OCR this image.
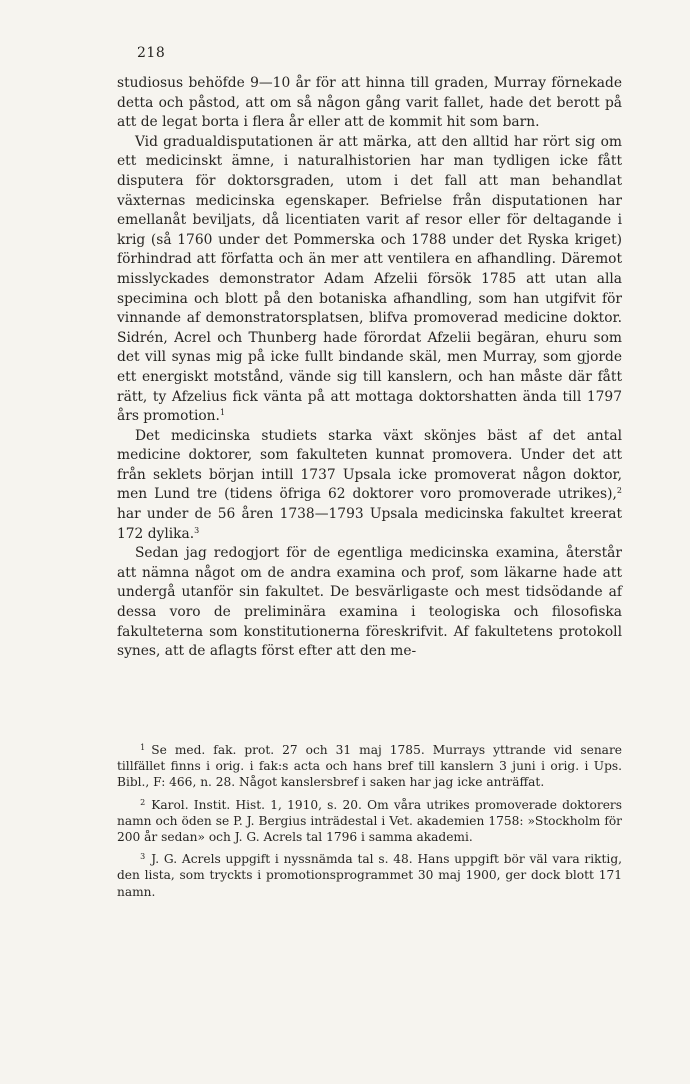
218

studiosus behöfde 9—10 år för att hinna till graden, Murray förnekade detta och påstod, att om så någon gång varit fallet, hade det berott på att de legat borta i flera år eller att de kommit hit som barn.

Vid gradualdisputationen är att märka, att den alltid har rört sig om ett medicinskt ämne, i naturalhistorien har man tydligen icke fått disputera för doktorsgraden, utom i det fall att man behandlat växternas medicinska egenskaper. Befrielse från disputationen har emellanåt beviljats, då licentiaten varit af resor eller för deltagande i krig (så 1760 under det Pommerska och 1788 under det Ryska kriget) förhindrad att författa och än mer att ventilera en afhandling. Däremot misslyckades demonstrator Adam Afzelii försök 1785 att utan alla specimina och blott på den botaniska afhandling, som han utgifvit för vinnande af demonstratorsplatsen, blifva promoverad medicine doktor. Sidrén, Acrel och Thunberg hade förordat Afzelii begäran, ehuru som det vill synas mig på icke fullt bindande skäl, men Murray, som gjorde ett energiskt motstånd, vände sig till kanslern, och han måste där fått rätt, ty Afzelius fick vänta på att mottaga doktorshatten ända till 1797 års promotion.$^1$

Det medicinska studiets starka växt skönjes bäst af det antal medicine doktorer, som fakulteten kunnat promovera. Under det att från seklets början intill 1737 Upsala icke promoverat någon doktor, men Lund tre (tidens öfriga 62 doktorer voro promoverade utrikes),$^2$ har under de 56 åren 1738—1793 Upsala medicinska fakultet kreerat 172 dylika.$^3$

Sedan jag redogjort för de egentliga medicinska examina, återstår att nämna något om de andra examina och prof, som läkarne hade att undergå utanför sin fakultet. De besvärligaste och mest tidsödande af dessa voro de preliminära examina i teologiska och filosofiska fakulteterna som konstitutionerna föreskrifvit. Af fakultetens protokoll synes, att de aflagts först efter att den me-

$^1$ Se med. fak. prot. 27 och 31 maj 1785. Murrays yttrande vid senare tillfället finns i orig. i fak:s acta och hans bref till kanslern 3 juni i orig. i Ups. Bibl., F: 466, n. 28. Något kanslersbref i saken har jag icke anträffat.

$^2$ Karol. Instit. Hist. 1, 1910, s. 20. Om våra utrikes promoverade doktorers namn och öden se P. J. Bergius inträdestal i Vet. akademien 1758: »Stockholm för 200 år sedan» och J. G. Acrels tal 1796 i samma akademi.

$^3$ J. G. Acrels uppgift i nyssnämda tal s. 48. Hans uppgift bör väl vara riktig, den lista, som tryckts i promotionsprogrammet 30 maj 1900, ger dock blott 171 namn.
